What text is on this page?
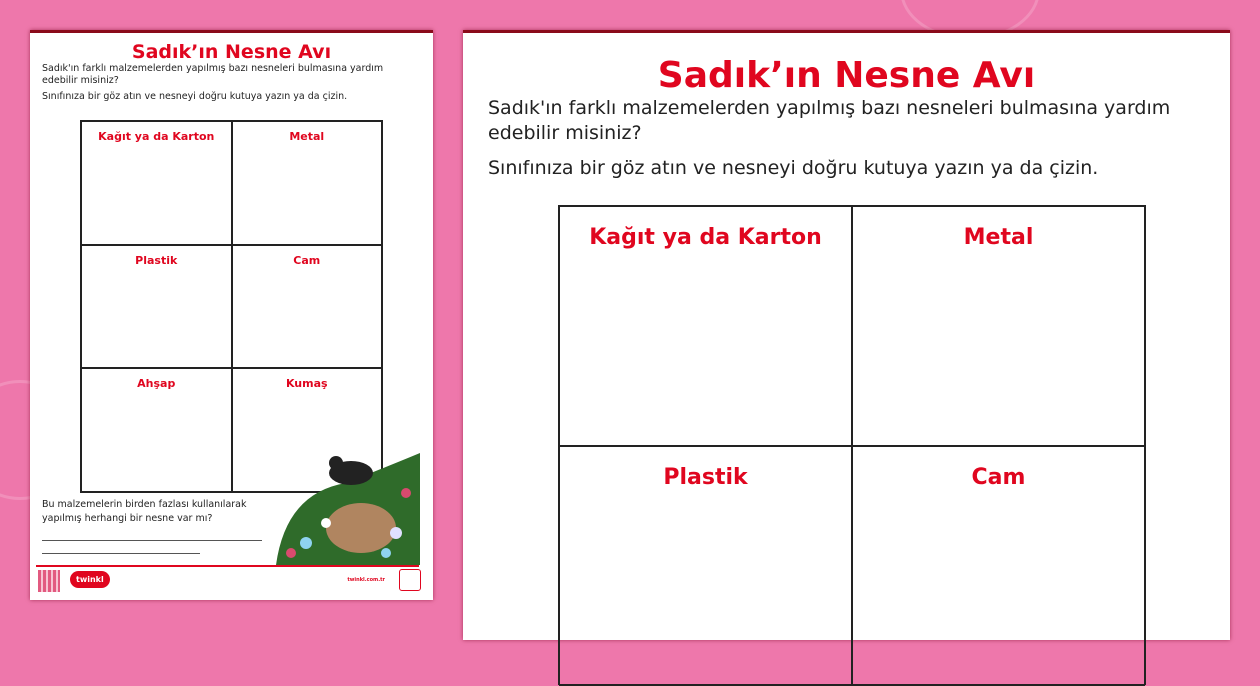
Sadık’ın Nesne Avı

Sadık'ın farklı malzemelerden yapılmış bazı nesneleri bulmasına yardım edebilir misiniz?

Sınıfınıza bir göz atın ve nesneyi doğru kutuya yazın ya da çizin.

Kağıt ya da Karton	Metal
Plastik	Cam
Ahşap	Kumaş

Bu malzemelerin birden fazlası kullanılarak yapılmış herhangi bir nesne var mı?

twinkl	twinkl.com.tr
Sadık’ın Nesne Avı

Sadık'ın farklı malzemelerden yapılmış bazı nesneleri bulmasına yardım edebilir misiniz?

Sınıfınıza bir göz atın ve nesneyi doğru kutuya yazın ya da çizin.

Kağıt ya da Karton	Metal
Plastik	Cam
